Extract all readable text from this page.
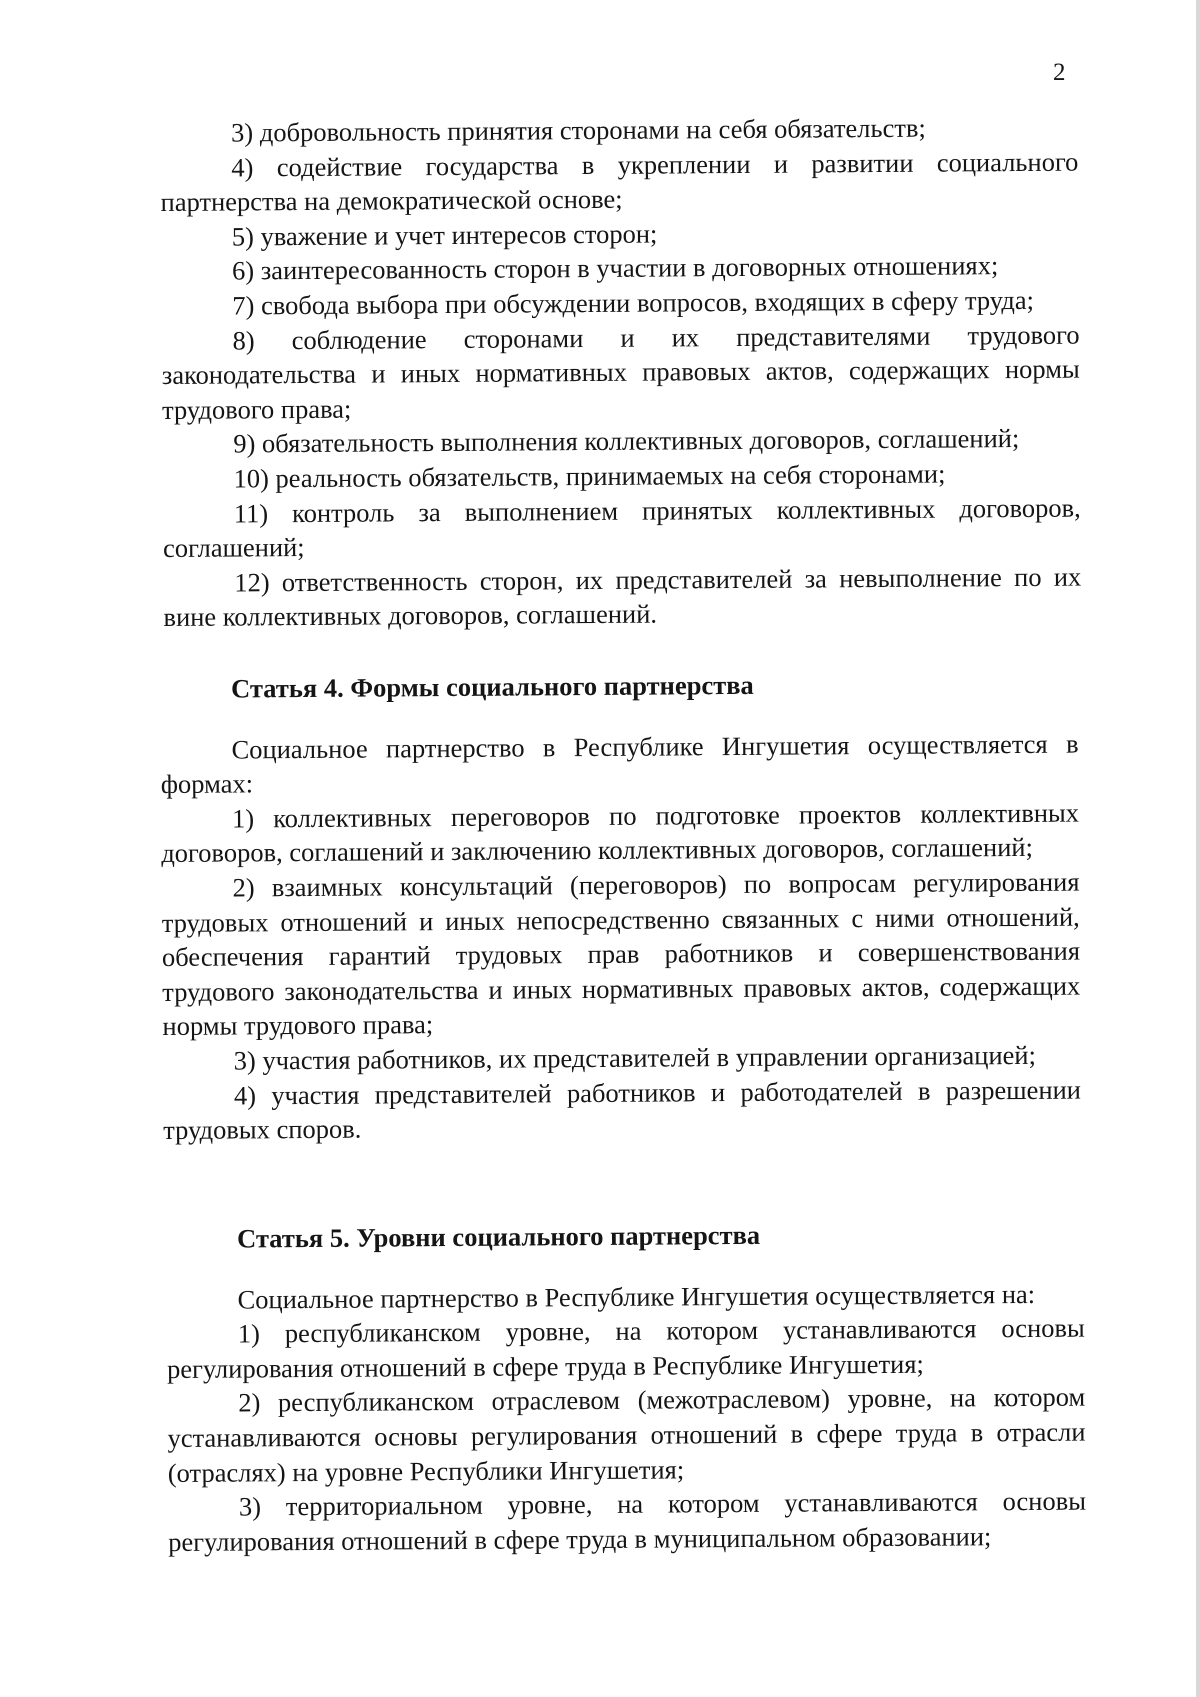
2

3) добровольность принятия сторонами на себя обязательств;

4) содействие государства в укреплении и развитии социального партнерства на демократической основе;

5) уважение и учет интересов сторон;

6) заинтересованность сторон в участии в договорных отношениях;

7) свобода выбора при обсуждении вопросов, входящих в сферу труда;

8) соблюдение сторонами и их представителями трудового законодательства и иных нормативных правовых актов, содержащих нормы трудового права;

9) обязательность выполнения коллективных договоров, соглашений;

10) реальность обязательств, принимаемых на себя сторонами;

11) контроль за выполнением принятых коллективных договоров, соглашений;

12) ответственность сторон, их представителей за невыполнение по их вине коллективных договоров, соглашений.

Статья 4. Формы социального партнерства

Социальное партнерство в Республике Ингушетия осуществляется в формах:

1) коллективных переговоров по подготовке проектов коллективных договоров, соглашений и заключению коллективных договоров, соглашений;

2) взаимных консультаций (переговоров) по вопросам регулирования трудовых отношений и иных непосредственно связанных с ними отношений, обеспечения гарантий трудовых прав работников и совершенствования трудового законодательства и иных нормативных правовых актов, содержащих нормы трудового права;

3) участия работников, их представителей в управлении организацией;

4) участия представителей работников и работодателей в разрешении трудовых споров.

Статья 5. Уровни социального партнерства

Социальное партнерство в Республике Ингушетия осуществляется на:

1) республиканском уровне, на котором устанавливаются основы регулирования отношений в сфере труда в Республике Ингушетия;

2) республиканском отраслевом (межотраслевом) уровне, на котором устанавливаются основы регулирования отношений в сфере труда в отрасли (отраслях) на уровне Республики Ингушетия;

3) территориальном уровне, на котором устанавливаются основы регулирования отношений в сфере труда в муниципальном образовании;
